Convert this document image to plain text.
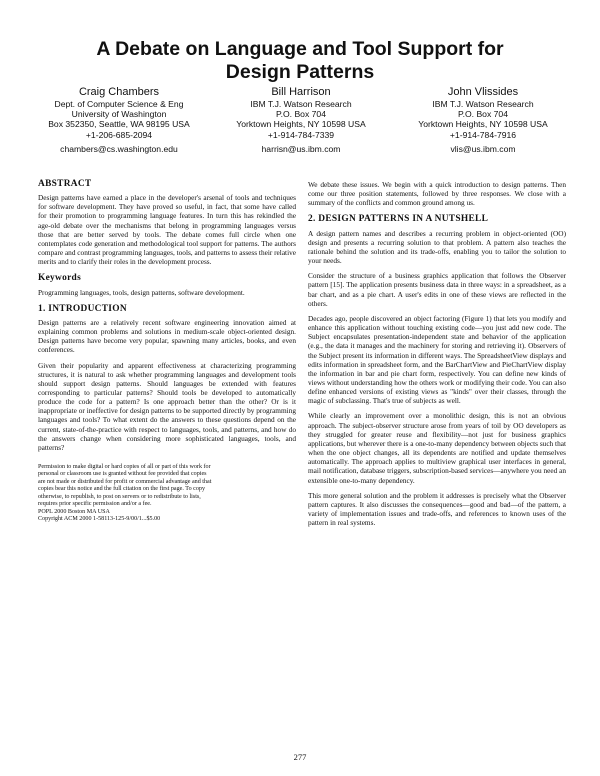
A Debate on Language and Tool Support for
Design Patterns
Craig Chambers
Dept. of Computer Science & Eng
University of Washington
Box 352350, Seattle, WA 98195 USA
+1-206-685-2094
chambers@cs.washington.edu
Bill Harrison
IBM T.J. Watson Research
P.O. Box 704
Yorktown Heights, NY 10598 USA
+1-914-784-7339
harrisn@us.ibm.com
John Vlissides
IBM T.J. Watson Research
P.O. Box 704
Yorktown Heights, NY 10598 USA
+1-914-784-7916
vlis@us.ibm.com
ABSTRACT

Design patterns have earned a place in the developer's arsenal of tools and techniques for software development. They have proved so useful, in fact, that some have called for their promotion to programming language features. In turn this has rekindled the age-old debate over the mechanisms that belong in programming languages versus those that are better served by tools. The debate comes full circle when one contemplates code generation and methodological tool support for patterns. The authors compare and contrast programming languages, tools, and patterns to assess their relative merits and to clarify their roles in the development process.

Keywords

Programming languages, tools, design patterns, software development.

1. INTRODUCTION

Design patterns are a relatively recent software engineering innovation aimed at explaining common problems and solutions in medium-scale object-oriented design. Design patterns have become very popular, spawning many articles, books, and even conferences.

Given their popularity and apparent effectiveness at characterizing programming structures, it is natural to ask whether programming languages and development tools should support design patterns. Should languages be extended with features corresponding to particular patterns? Should tools be developed to automatically produce the code for a pattern? Is one approach better than the other? Or is it inappropriate or ineffective for design patterns to be supported directly by programming languages and tools? To what extent do the answers to these questions depend on the current, state-of-the-practice with respect to languages, tools, and patterns, and how do the answers change when considering more sophisticated languages, tools, and patterns?

Permission to make digital or hard copies of all or part of this work for
personal or classroom use is granted without fee provided that copies
are not made or distributed for profit or commercial advantage and that
copies bear this notice and the full citation on the first page. To copy
otherwise, to republish, to post on servers or to redistribute to lists,
requires prior specific permission and/or a fee.
POPL 2000 Boston MA USA
Copyright ACM 2000 1-58113-125-9/00/1...$5.00

We debate these issues. We begin with a quick introduction to design patterns. Then come our three position statements, followed by three responses. We close with a summary of the conflicts and common ground among us.

2. DESIGN PATTERNS IN A NUTSHELL

A design pattern names and describes a recurring problem in object-oriented (OO) design and presents a recurring solution to that problem. A pattern also teaches the rationale behind the solution and its trade-offs, enabling you to tailor the solution to your needs.

Consider the structure of a business graphics application that follows the Observer pattern [15]. The application presents business data in three ways: in a spreadsheet, as a bar chart, and as a pie chart. A user's edits in one of these views are reflected in the others.

Decades ago, people discovered an object factoring (Figure 1) that lets you modify and enhance this application without touching existing code—you just add new code. The Subject encapsulates presentation-independent state and behavior of the application (e.g., the data it manages and the machinery for storing and retrieving it). Observers of the Subject present its information in different ways. The SpreadsheetView displays and edits information in spreadsheet form, and the BarChartView and PieChartView display the information in bar and pie chart form, respectively. You can define new kinds of views without understanding how the others work or modifying their code. You can also define enhanced versions of existing views as "kinds" over their classes, through the magic of subclassing. That's true of subjects as well.

While clearly an improvement over a monolithic design, this is not an obvious approach. The subject-observer structure arose from years of toil by OO developers as they struggled for greater reuse and flexibility—not just for business graphics applications, but wherever there is a one-to-many dependency between objects such that when the one object changes, all its dependents are notified and update themselves automatically. The approach applies to multiview graphical user interfaces in general, mail notification, database triggers, subscription-based services—anywhere you need an extensible one-to-many dependency.

This more general solution and the problem it addresses is precisely what the Observer pattern captures. It also discusses the consequences—good and bad—of the pattern, a variety of implementation issues and trade-offs, and references to known uses of the pattern in real systems.

277
